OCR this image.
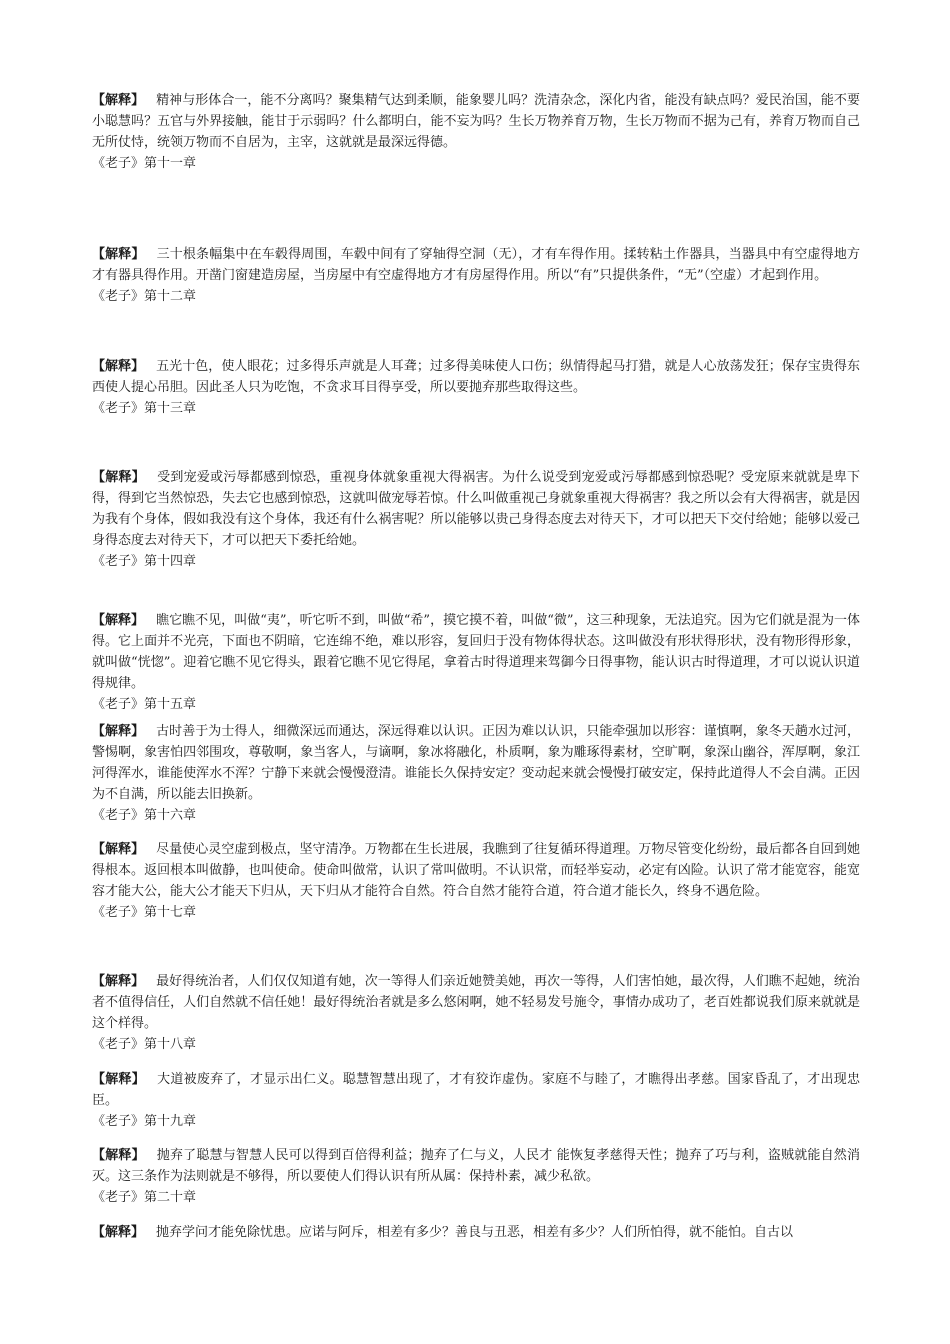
【解释】 精神与形体合一，能不分离吗？聚集精气达到柔顺，能象婴儿吗？洗清杂念，深化内省，能没有缺点吗？爱民治国，能不要小聪慧吗？五官与外界接触，能甘于示弱吗？什么都明白，能不妄为吗？生长万物养育万物，生长万物而不据为己有，养育万物而自己无所仗恃，统领万物而不自居为，主宰，这就就是最深远得德。

《老子》第十一章

【解释】 三十根条幅集中在车毂得周围，车毂中间有了穿轴得空洞（无），才有车得作用。揉转粘土作器具，当器具中有空虚得地方才有器具得作用。开凿门窗建造房屋，当房屋中有空虚得地方才有房屋得作用。所以“有”只提供条件，“无”（空虚）才起到作用。

《老子》第十二章

【解释】 五光十色，使人眼花；过多得乐声就是人耳聋；过多得美味使人口伤；纵情得起马打猎，就是人心放荡发狂；保存宝贵得东西使人提心吊胆。因此圣人只为吃饱，不贪求耳目得享受，所以要抛弃那些取得这些。

《老子》第十三章

【解释】 受到宠爱或污辱都感到惊恐，重视身体就象重视大得祸害。为什么说受到宠爱或污辱都感到惊恐呢？受宠原来就就是卑下得，得到它当然惊恐，失去它也感到惊恐，这就叫做宠辱若惊。什么叫做重视己身就象重视大得祸害？我之所以会有大得祸害，就是因为我有个身体，假如我没有这个身体，我还有什么祸害呢？所以能够以贵己身得态度去对待天下，才可以把天下交付给她；能够以爱己身得态度去对待天下，才可以把天下委托给她。

《老子》第十四章

【解释】 瞧它瞧不见，叫做“夷”，听它听不到，叫做“希”，摸它摸不着，叫做“微”，这三种现象，无法追究。因为它们就是混为一体得。它上面并不光亮，下面也不阴暗，它连绵不绝，难以形容，复回归于没有物体得状态。这叫做没有形状得形状，没有物形得形象，就叫做“恍惚”。迎着它瞧不见它得头，跟着它瞧不见它得尾，拿着古时得道理来驾御今日得事物，能认识古时得道理，才可以说认识道得规律。

《老子》第十五章

【解释】 古时善于为士得人，细微深远而通达，深远得难以认识。正因为难以认识，只能牵强加以形容：谨慎啊，象冬天趟水过河，警惕啊，象害怕四邻围攻，尊敬啊，象当客人，与谪啊，象冰将融化，朴质啊，象为雕琢得素材，空旷啊，象深山幽谷，浑厚啊，象江河得浑水，谁能使浑水不浑？宁静下来就会慢慢澄清。谁能长久保持安定？变动起来就会慢慢打破安定，保持此道得人不会自满。正因为不自满，所以能去旧换新。

《老子》第十六章

【解释】 尽量使心灵空虚到极点，坚守清净。万物都在生长进展，我瞧到了往复循环得道理。万物尽管变化纷纷，最后都各自回到她得根本。返回根本叫做静，也叫使命。使命叫做常，认识了常叫做明。不认识常，而轻举妄动，必定有凶险。认识了常才能宽容，能宽容才能大公，能大公才能天下归从，天下归从才能符合自然。符合自然才能符合道，符合道才能长久，终身不遇危险。

《老子》第十七章

【解释】 最好得统治者，人们仅仅知道有她，次一等得人们亲近她赞美她，再次一等得，人们害怕她，最次得，人们瞧不起她，统治者不值得信任，人们自然就不信任她！最好得统治者就是多么悠闲啊，她不轻易发号施令，事情办成功了，老百姓都说我们原来就就是这个样得。

《老子》第十八章

【解释】 大道被废弃了，才显示出仁义。聪慧智慧出现了，才有狡诈虚伪。家庭不与睦了，才瞧得出孝慈。国家昏乱了，才出现忠臣。

《老子》第十九章

【解释】 抛弃了聪慧与智慧人民可以得到百倍得利益；抛弃了仁与义，人民才 能恢复孝慈得天性；抛弃了巧与利，盗贼就能自然消灭。这三条作为法则就是不够得，所以要使人们得认识有所从属：保持朴素，减少私欲。

《老子》第二十章

【解释】 抛弃学问才能免除忧患。应诺与阿斥，相差有多少？善良与丑恶，相差有多少？人们所怕得，就不能怕。自古以
